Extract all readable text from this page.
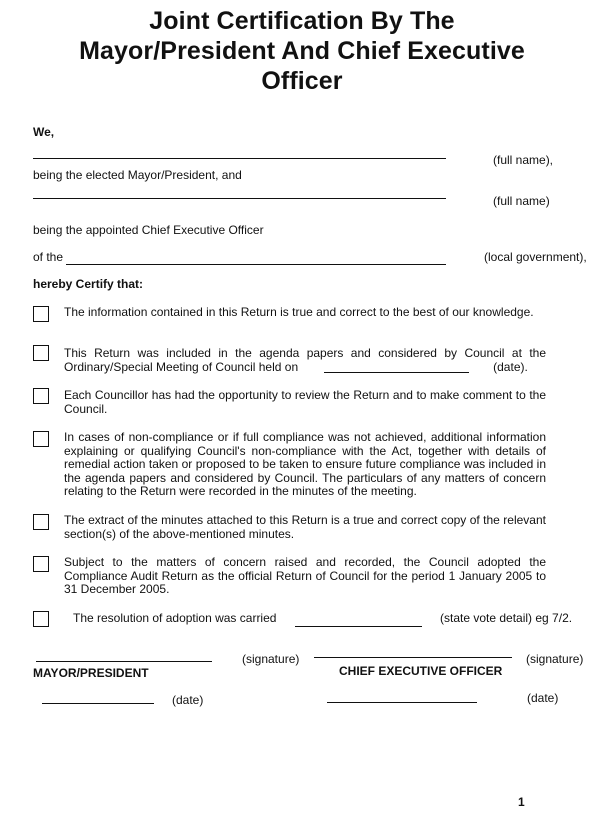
Joint Certification By The
Mayor/President And Chief Executive
Officer
We,
(full name),
being the elected Mayor/President, and
(full name)
being the appointed Chief Executive Officer
of the	(local government),
hereby Certify that:
The information contained in this Return is true and correct to the best of our knowledge.
This Return was included in the agenda papers and considered by Council at the Ordinary/Special Meeting of Council held on	(date).
Each Councillor has had the opportunity to review the Return and to make comment to the Council.
In cases of non-compliance or if full compliance was not achieved, additional information explaining or qualifying Council's non-compliance with the Act, together with details of remedial action taken or proposed to be taken to ensure future compliance was included in the agenda papers and considered by Council. The particulars of any matters of concern relating to the Return were recorded in the minutes of the meeting.
The extract of the minutes attached to this Return is a true and correct copy of the relevant section(s) of the above-mentioned minutes.
Subject to the matters of concern raised and recorded, the Council adopted the Compliance Audit Return as the official Return of Council for the period 1 January 2005 to 31 December 2005.
The resolution of adoption was carried	(state vote detail) eg 7/2.
(signature)	(signature)
MAYOR/PRESIDENT	CHIEF EXECUTIVE OFFICER
(date)	(date)
1
